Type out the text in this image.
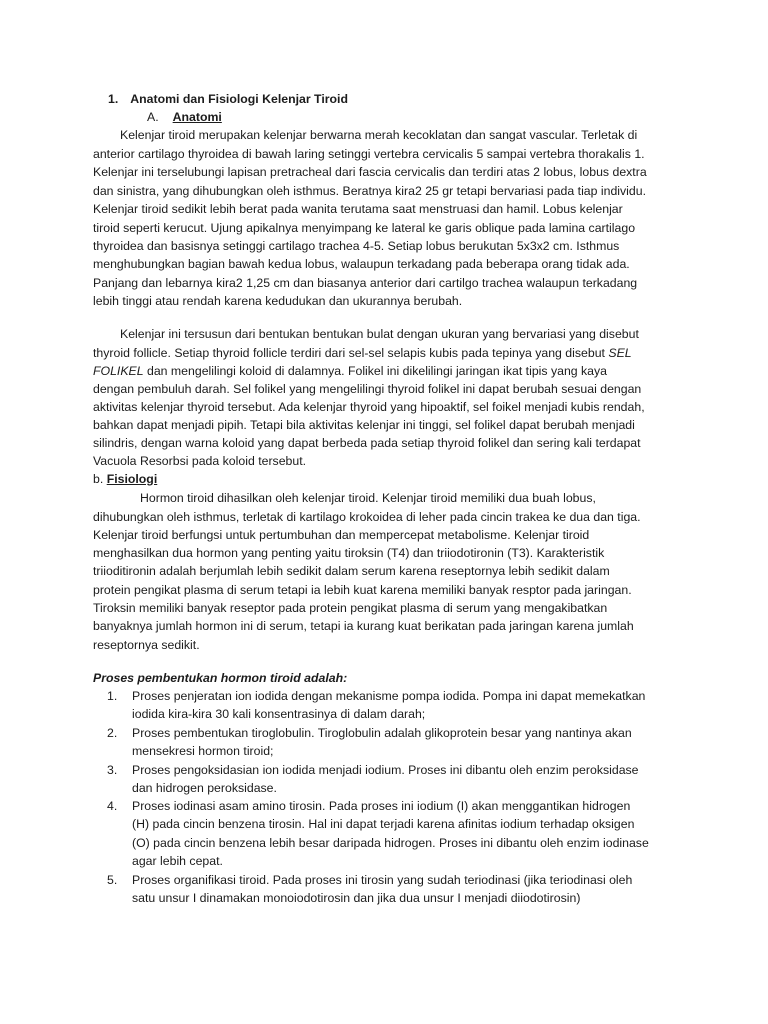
1. Anatomi dan Fisiologi Kelenjar Tiroid
A. Anatomi
Kelenjar tiroid merupakan kelenjar berwarna merah kecoklatan dan sangat vascular. Terletak di
anterior cartilago thyroidea di bawah laring setinggi vertebra cervicalis 5 sampai vertebra thorakalis 1.
Kelenjar ini terselubungi lapisan pretracheal dari fascia cervicalis dan terdiri atas 2 lobus, lobus dextra
dan sinistra, yang dihubungkan oleh isthmus. Beratnya kira2 25 gr tetapi bervariasi pada tiap individu.
Kelenjar tiroid sedikit lebih berat pada wanita terutama saat menstruasi dan hamil. Lobus kelenjar
tiroid seperti kerucut. Ujung apikalnya menyimpang ke lateral ke garis oblique pada lamina cartilago
thyroidea dan basisnya setinggi cartilago trachea 4-5. Setiap lobus berukutan 5x3x2 cm. Isthmus
menghubungkan bagian bawah kedua lobus, walaupun terkadang pada beberapa orang tidak ada.
Panjang dan lebarnya kira2 1,25 cm dan biasanya anterior dari cartilgo trachea walaupun terkadang
lebih tinggi atau rendah karena kedudukan dan ukurannya berubah.
Kelenjar ini tersusun dari bentukan bentukan bulat dengan ukuran yang bervariasi yang disebut
thyroid follicle. Setiap thyroid follicle terdiri dari sel-sel selapis kubis pada tepinya yang disebut SEL
FOLIKEL dan mengelilingi koloid di dalamnya. Folikel ini dikelilingi jaringan ikat tipis yang kaya
dengan pembuluh darah. Sel folikel yang mengelilingi thyroid folikel ini dapat berubah sesuai dengan
aktivitas kelenjar thyroid tersebut. Ada kelenjar thyroid yang hipoaktif, sel foikel menjadi kubis rendah,
bahkan dapat menjadi pipih. Tetapi bila aktivitas kelenjar ini tinggi, sel folikel dapat berubah menjadi
silindris, dengan warna koloid yang dapat berbeda pada setiap thyroid folikel dan sering kali terdapat
Vacuola Resorbsi pada koloid tersebut.
b. Fisiologi
Hormon tiroid dihasilkan oleh kelenjar tiroid. Kelenjar tiroid memiliki dua buah lobus,
dihubungkan oleh isthmus, terletak di kartilago krokoidea di leher pada cincin trakea ke dua dan tiga.
Kelenjar tiroid berfungsi untuk pertumbuhan dan mempercepat metabolisme. Kelenjar tiroid
menghasilkan dua hormon yang penting yaitu tiroksin (T4) dan triiodotironin (T3). Karakteristik
triioditironin adalah berjumlah lebih sedikit dalam serum karena reseptornya lebih sedikit dalam
protein pengikat plasma di serum tetapi ia lebih kuat karena memiliki banyak resptor pada jaringan.
Tiroksin memiliki banyak reseptor pada protein pengikat plasma di serum yang mengakibatkan
banyaknya jumlah hormon ini di serum, tetapi ia kurang kuat berikatan pada jaringan karena jumlah
reseptornya sedikit.
Proses pembentukan hormon tiroid adalah:
1. Proses penjeratan ion iodida dengan mekanisme pompa iodida. Pompa ini dapat memekatkan
iodida kira-kira 30 kali konsentrasinya di dalam darah;
2. Proses pembentukan tiroglobulin. Tiroglobulin adalah glikoprotein besar yang nantinya akan
mensekresi hormon tiroid;
3. Proses pengoksidasian ion iodida menjadi iodium. Proses ini dibantu oleh enzim peroksidase
dan hidrogen peroksidase.
4. Proses iodinasi asam amino tirosin. Pada proses ini iodium (I) akan menggantikan hidrogen
(H) pada cincin benzena tirosin. Hal ini dapat terjadi karena afinitas iodium terhadap oksigen
(O) pada cincin benzena lebih besar daripada hidrogen. Proses ini dibantu oleh enzim iodinase
agar lebih cepat.
5. Proses organifikasi tiroid. Pada proses ini tirosin yang sudah teriodinasi (jika teriodinasi oleh
satu unsur I dinamakan monoiodotirosin dan jika dua unsur I menjadi diiodotirosin)
